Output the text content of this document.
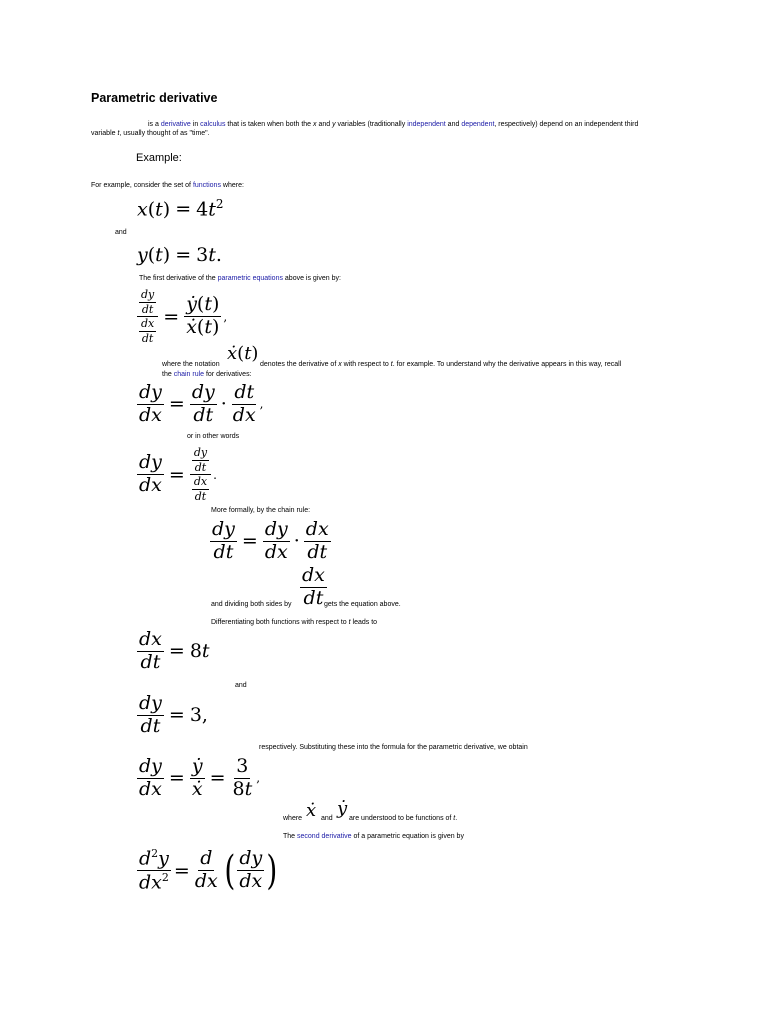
Parametric derivative
is a derivative in calculus that is taken when both the x and y variables (traditionally independent and dependent, respectively) depend on an independent third
variable t, usually thought of as "time".
Example:
For example, consider the set of functions where:
$x(t) = 4t^2$
and
y(t) = 3t.
The first derivative of the parametric equations above is given by:
$\frac{\frac{dy}{dt}}{\frac{dx}{dt}} = \frac{\text{ẏ(t)}}{\text{ẋ(t)}}$ ,
where the notation
ẋ(t)
denotes the derivative of x with respect to t. for example. To understand why the derivative appears in this way, recall
the chain rule for derivatives:
$\frac{dy}{dx} = \frac{dy}{dt} \cdot \frac{dt}{dx}$ ,
or in other words
$\frac{dy}{dx} = \frac{\frac{dy}{dt}}{\frac{dx}{dt}}$ .
More formally, by the chain rule:
$\frac{dy}{dt} = \frac{dy}{dx} \cdot \frac{dx}{dt}$
and dividing both sides by $\frac{dx}{dt}$
gets the equation above.
Differentiating both functions with respect to t leads to
$\frac{dx}{dt} = 8$ t
and
$\frac{dy}{dt} = 3$,
respectively. Substituting these into the formula for the parametric derivative, we obtain
$\frac{dy}{dx} = \frac{\text{ẏ}}{\text{ẋ}} = \frac{3}{8t}$ ,
where ẋ and ẏ are understood to be functions of t.
The second derivative of a parametric equation is given by
$\frac{d^2y}{dx^2} = \frac{d}{dx}$ ( $\frac{dy}{dx}$ )
